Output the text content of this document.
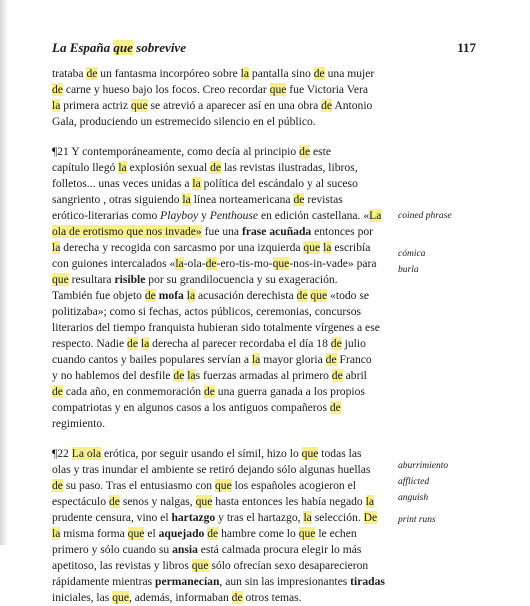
La España que sobrevive	117
trataba de un fantasma incorpóreo sobre la pantalla sino de una mujer
de carne y hueso bajo los focos. Creo recordar que fue Victoria Vera
la primera actriz que se atrevió a aparecer así en una obra de Antonio
Gala, produciendo un estremecido silencio en el público.
¶21 Y contemporáneamente, como decía al principio de este
capítulo llegó la explosión sexual de las revistas ilustradas, libros,
folletos... unas veces unidas a la política del escándalo y al suceso
sangriento , otras siguiendo la línea norteamericana de revistas
erótico-literarias como Playboy y Penthouse en edición castellana. «La
ola de erotismo que nos invade» fue una frase acuñada entonces por
la derecha y recogida con sarcasmo por una izquierda que la escribía
con guiones intercalados «la-ola-de-ero-tis-mo-que-nos-in-vade» para
que resultara risible por su grandilocuencia y su exageración.
También fue objeto de mofa la acusación derechista de que «todo se
politizaba»; como si fechas, actos públicos, ceremonias, concursos
literarios del tiempo franquista hubieran sido totalmente vírgenes a ese
respecto. Nadie de la derecha al parecer recordaba el día 18 de julio
cuando cantos y bailes populares servían a la mayor gloria de Franco
y no hablemos del desfile de las fuerzas armadas al primero de abril
de cada año, en conmemoración de una guerra ganada a los propios
compatriotas y en algunos casos a los antiguos compañeros de
regimiento.
¶22 La ola erótica, por seguir usando el símil, hizo lo que todas las
olas y tras inundar el ambiente se retiró dejando sólo algunas huellas
de su paso. Tras el entusiasmo con que los españoles acogieron el
espectáculo de senos y nalgas, que hasta entonces les había negado la
prudente censura, vino el hartazgo y tras el hartazgo, la selección. De
la misma forma que el aquejado de hambre come lo que le echen
primero y sólo cuando su ansia está calmada procura elegir lo más
apetitoso, las revistas y libros que sólo ofrecían sexo desaparecieron
rápidamente mientras permanecían, aun sin las impresionantes tiradas
iniciales, las que, además, informaban de otros temas.
coined phrase
cómica
burla
aburrimiento
afflicted
anguish
print runs
